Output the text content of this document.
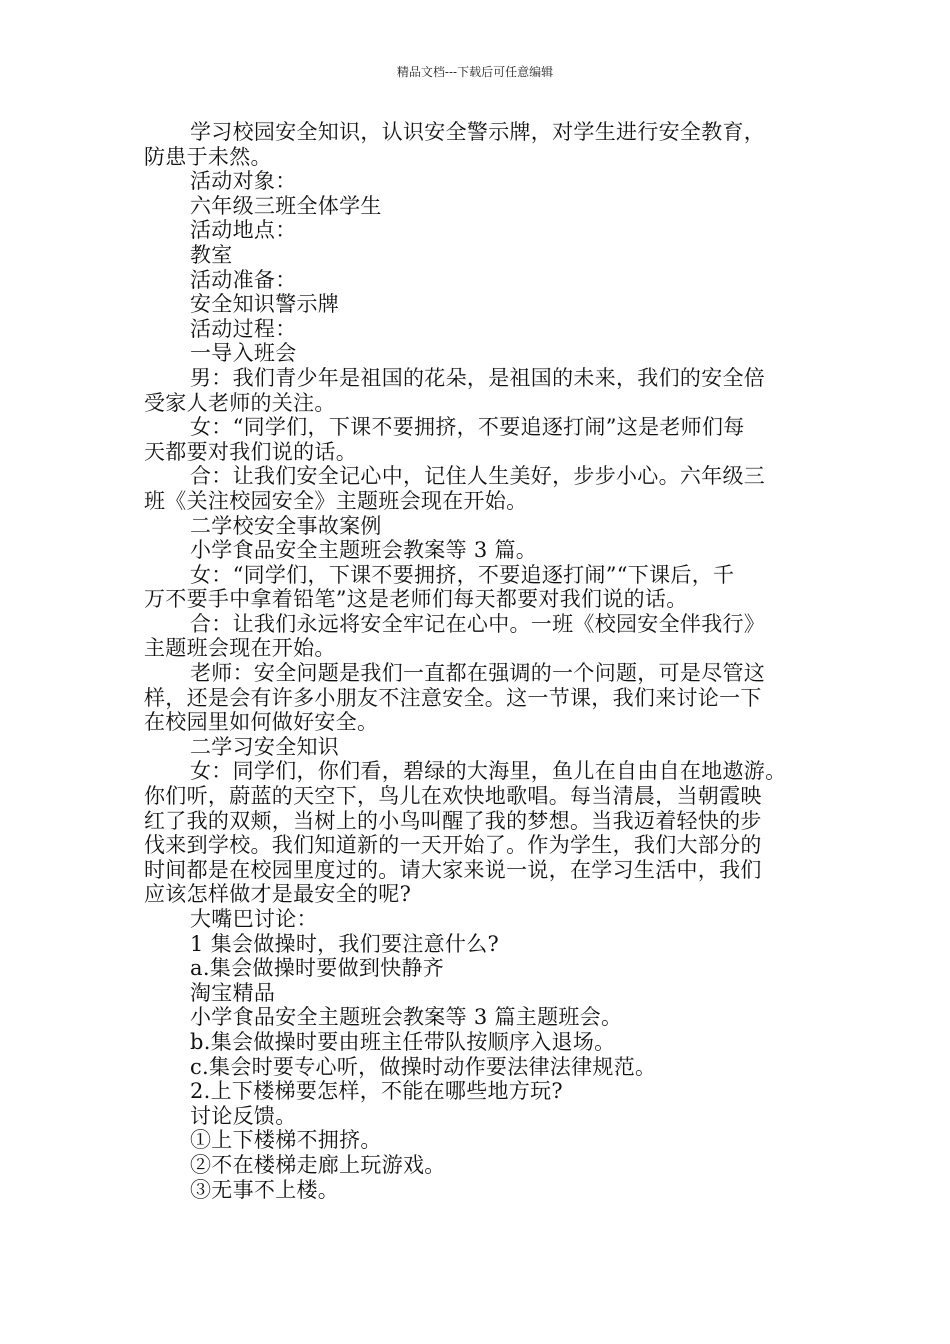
精品文档---下载后可任意编辑

学习校园安全知识，认识安全警示牌，对学生进行安全教育，

防患于未然。

活动对象：

六年级三班全体学生

活动地点：

教室

活动准备：

安全知识警示牌

活动过程：

一导入班会

男：我们青少年是祖国的花朵，是祖国的未来，我们的安全倍

受家人老师的关注。

女：“同学们，下课不要拥挤，不要追逐打闹”这是老师们每

天都要对我们说的话。

合：让我们安全记心中，记住人生美好，步步小心。六年级三

班《关注校园安全》主题班会现在开始。

二学校安全事故案例

小学食品安全主题班会教案等 3 篇。

女：“同学们，下课不要拥挤，不要追逐打闹”“下课后，千

万不要手中拿着铅笔”这是老师们每天都要对我们说的话。

合：让我们永远将安全牢记在心中。一班《校园安全伴我行》

主题班会现在开始。

老师：安全问题是我们一直都在强调的一个问题，可是尽管这

样，还是会有许多小朋友不注意安全。这一节课，我们来讨论一下

在校园里如何做好安全。

二学习安全知识

女：同学们，你们看，碧绿的大海里，鱼儿在自由自在地遨游。

你们听，蔚蓝的天空下，鸟儿在欢快地歌唱。每当清晨，当朝霞映

红了我的双颊，当树上的小鸟叫醒了我的梦想。当我迈着轻快的步

伐来到学校。我们知道新的一天开始了。作为学生，我们大部分的

时间都是在校园里度过的。请大家来说一说，在学习生活中，我们

应该怎样做才是最安全的呢?

大嘴巴讨论：

1 集会做操时，我们要注意什么?

a.集会做操时要做到快静齐

淘宝精品

小学食品安全主题班会教案等 3 篇主题班会。

b.集会做操时要由班主任带队按顺序入退场。

c.集会时要专心听，做操时动作要法律法律规范。

2.上下楼梯要怎样，不能在哪些地方玩?

讨论反馈。

①上下楼梯不拥挤。

②不在楼梯走廊上玩游戏。

③无事不上楼。
